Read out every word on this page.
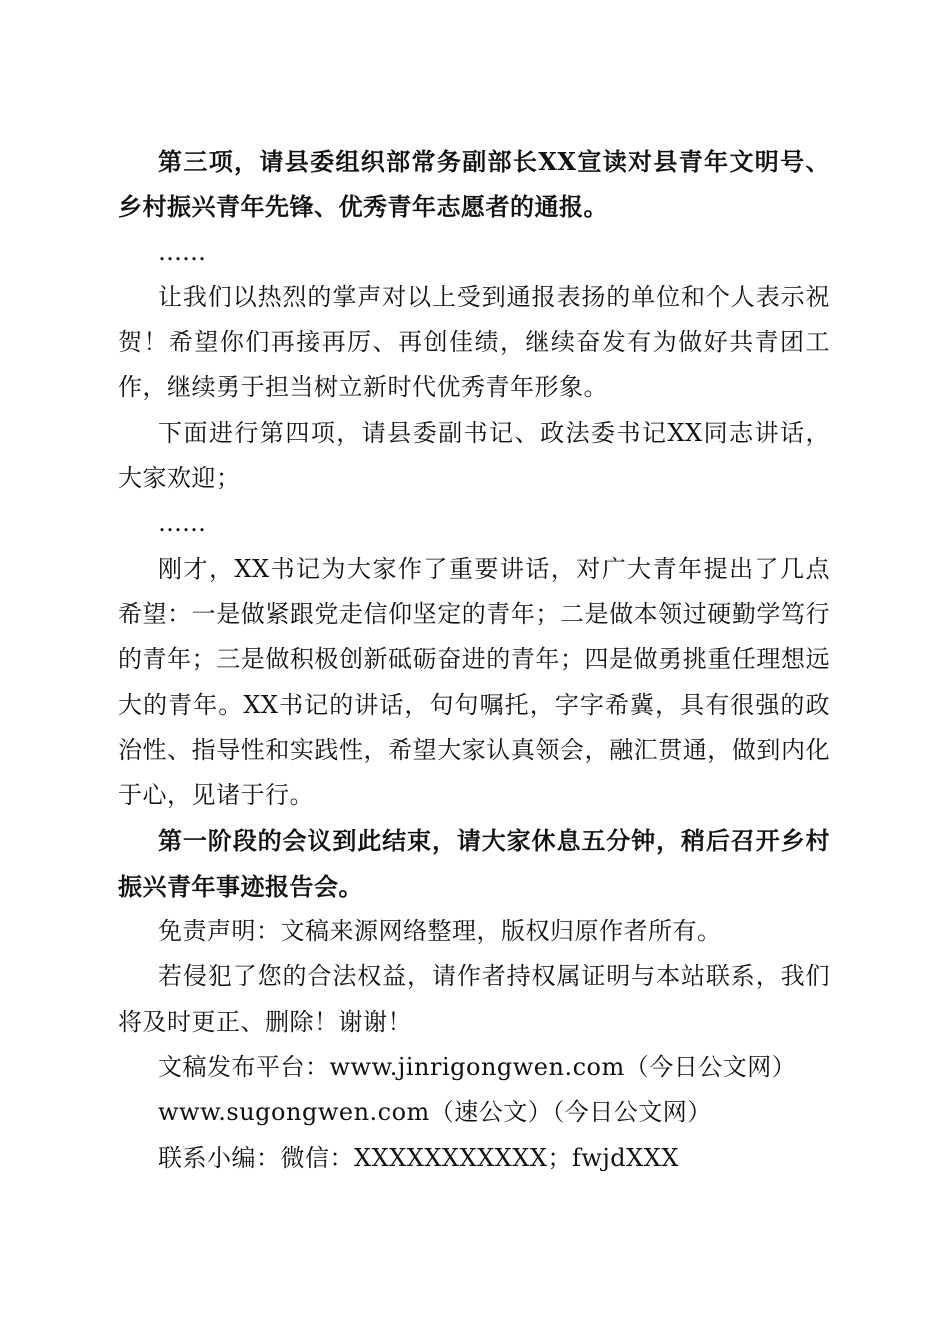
第三项，请县委组织部常务副部长XX宣读对县青年文明号、乡村振兴青年先锋、优秀青年志愿者的通报。

……

让我们以热烈的掌声对以上受到通报表扬的单位和个人表示祝贺！希望你们再接再厉、再创佳绩，继续奋发有为做好共青团工作，继续勇于担当树立新时代优秀青年形象。

下面进行第四项，请县委副书记、政法委书记XX同志讲话，大家欢迎；

……

刚才，XX书记为大家作了重要讲话，对广大青年提出了几点希望：一是做紧跟党走信仰坚定的青年；二是做本领过硬勤学笃行的青年；三是做积极创新砥砺奋进的青年；四是做勇挑重任理想远大的青年。XX书记的讲话，句句嘱托，字字希冀，具有很强的政治性、指导性和实践性，希望大家认真领会，融汇贯通，做到内化于心，见诸于行。

第一阶段的会议到此结束，请大家休息五分钟，稍后召开乡村振兴青年事迹报告会。

免责声明：文稿来源网络整理，版权归原作者所有。

若侵犯了您的合法权益，请作者持权属证明与本站联系，我们将及时更正、删除！谢谢！

文稿发布平台：www.jinrigongwen.com（今日公文网）

www.sugongwen.com（速公文）（今日公文网）

联系小编：微信：XXXXXXXXXXX；fwjdXXX
